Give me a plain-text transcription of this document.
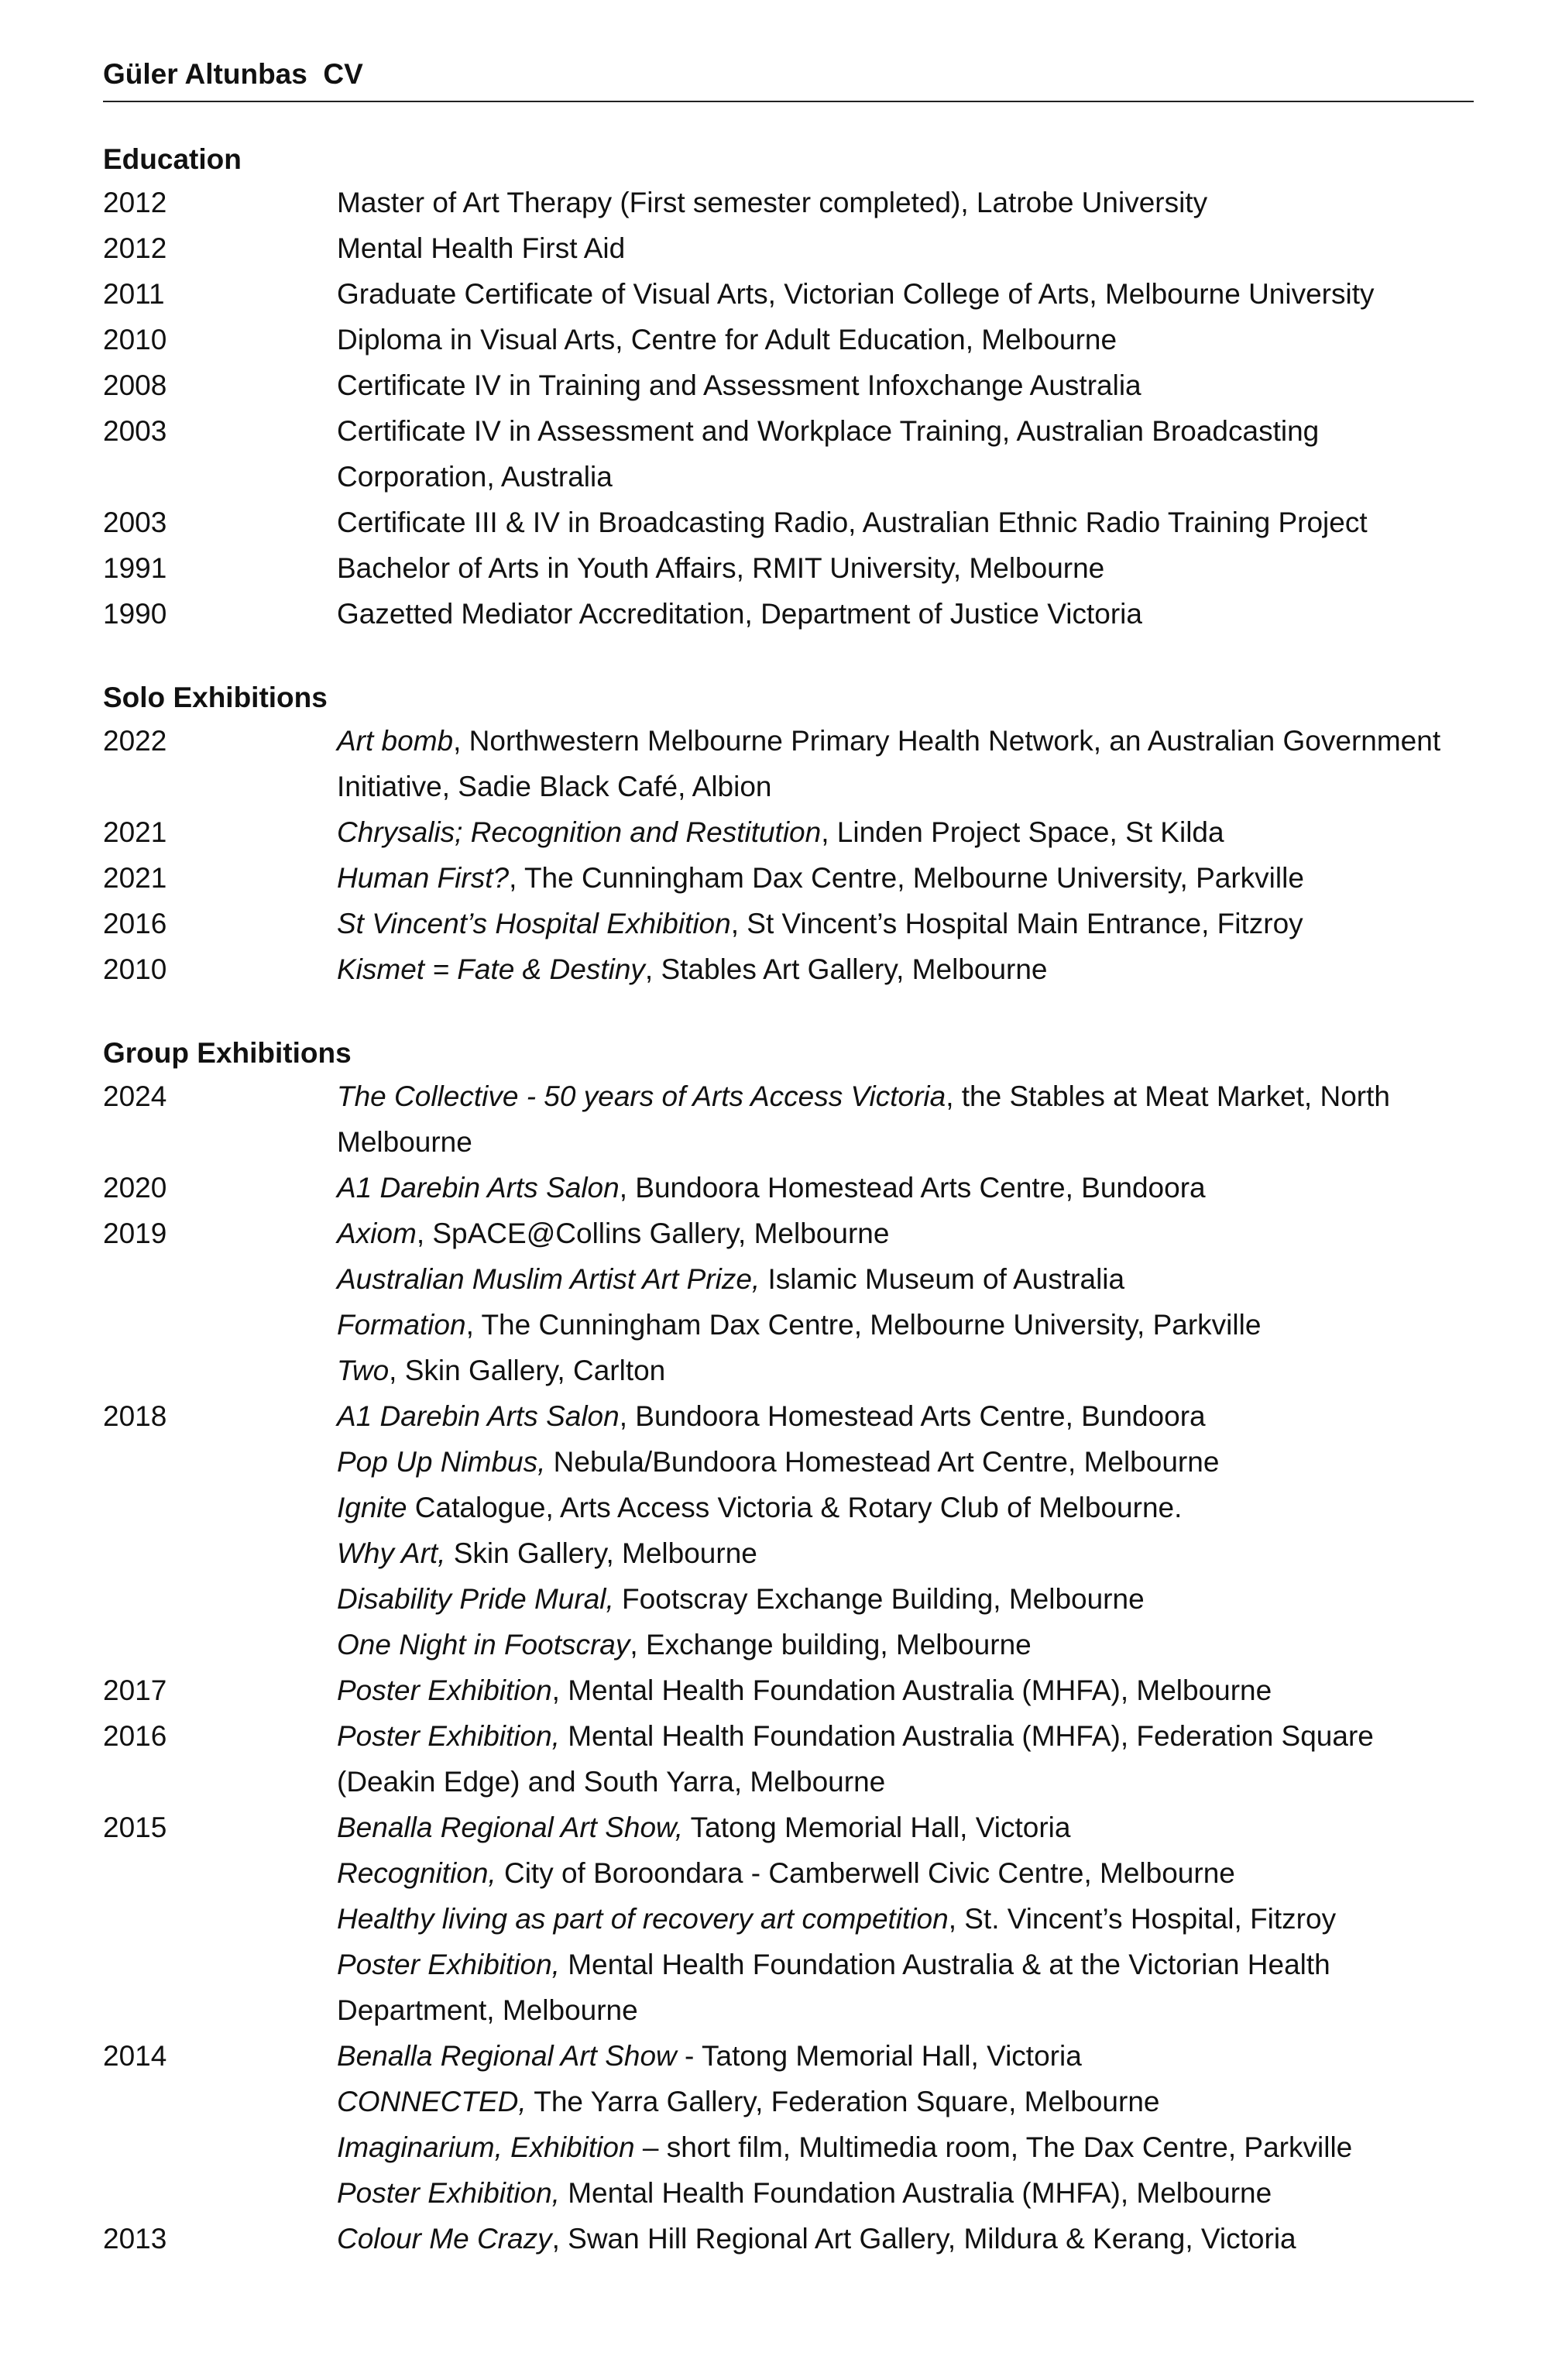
Güler Altunbas  CV
Education
2012	Master of Art Therapy (First semester completed), Latrobe University
2012	Mental Health First Aid
2011	Graduate Certificate of Visual Arts, Victorian College of Arts, Melbourne University
2010	Diploma in Visual Arts, Centre for Adult Education, Melbourne
2008	Certificate IV in Training and Assessment Infoxchange Australia
2003	Certificate IV in Assessment and Workplace Training, Australian Broadcasting Corporation, Australia
2003	Certificate III & IV in Broadcasting Radio, Australian Ethnic Radio Training Project
1991	Bachelor of Arts in Youth Affairs, RMIT University, Melbourne
1990	Gazetted Mediator Accreditation, Department of Justice Victoria
Solo Exhibitions
2022	Art bomb, Northwestern Melbourne Primary Health Network, an Australian Government Initiative, Sadie Black Café, Albion
2021	Chrysalis; Recognition and Restitution, Linden Project Space, St Kilda
2021	Human First?, The Cunningham Dax Centre, Melbourne University, Parkville
2016	St Vincent’s Hospital Exhibition, St Vincent’s Hospital Main Entrance, Fitzroy
2010	Kismet = Fate & Destiny, Stables Art Gallery, Melbourne
Group Exhibitions
2024	The Collective - 50 years of Arts Access Victoria, the Stables at Meat Market, North Melbourne
2020	A1 Darebin Arts Salon, Bundoora Homestead Arts Centre, Bundoora
2019	Axiom, SpACE@Collins Gallery, Melbourne
Australian Muslim Artist Art Prize, Islamic Museum of Australia
Formation, The Cunningham Dax Centre, Melbourne University, Parkville
Two, Skin Gallery, Carlton
2018	A1 Darebin Arts Salon, Bundoora Homestead Arts Centre, Bundoora
Pop Up Nimbus, Nebula/Bundoora Homestead Art Centre, Melbourne
Ignite Catalogue, Arts Access Victoria & Rotary Club of Melbourne.
Why Art, Skin Gallery, Melbourne
Disability Pride Mural, Footscray Exchange Building, Melbourne
One Night in Footscray, Exchange building, Melbourne
2017	Poster Exhibition, Mental Health Foundation Australia (MHFA), Melbourne
2016	Poster Exhibition, Mental Health Foundation Australia (MHFA), Federation Square (Deakin Edge) and South Yarra, Melbourne
2015	Benalla Regional Art Show, Tatong Memorial Hall, Victoria
Recognition, City of Boroondara - Camberwell Civic Centre, Melbourne
Healthy living as part of recovery art competition, St. Vincent’s Hospital, Fitzroy
Poster Exhibition, Mental Health Foundation Australia & at the Victorian Health Department, Melbourne
2014	Benalla Regional Art Show - Tatong Memorial Hall, Victoria
CONNECTED, The Yarra Gallery, Federation Square, Melbourne
Imaginarium, Exhibition – short film, Multimedia room, The Dax Centre, Parkville
Poster Exhibition, Mental Health Foundation Australia (MHFA), Melbourne
2013	Colour Me Crazy, Swan Hill Regional Art Gallery, Mildura & Kerang, Victoria
